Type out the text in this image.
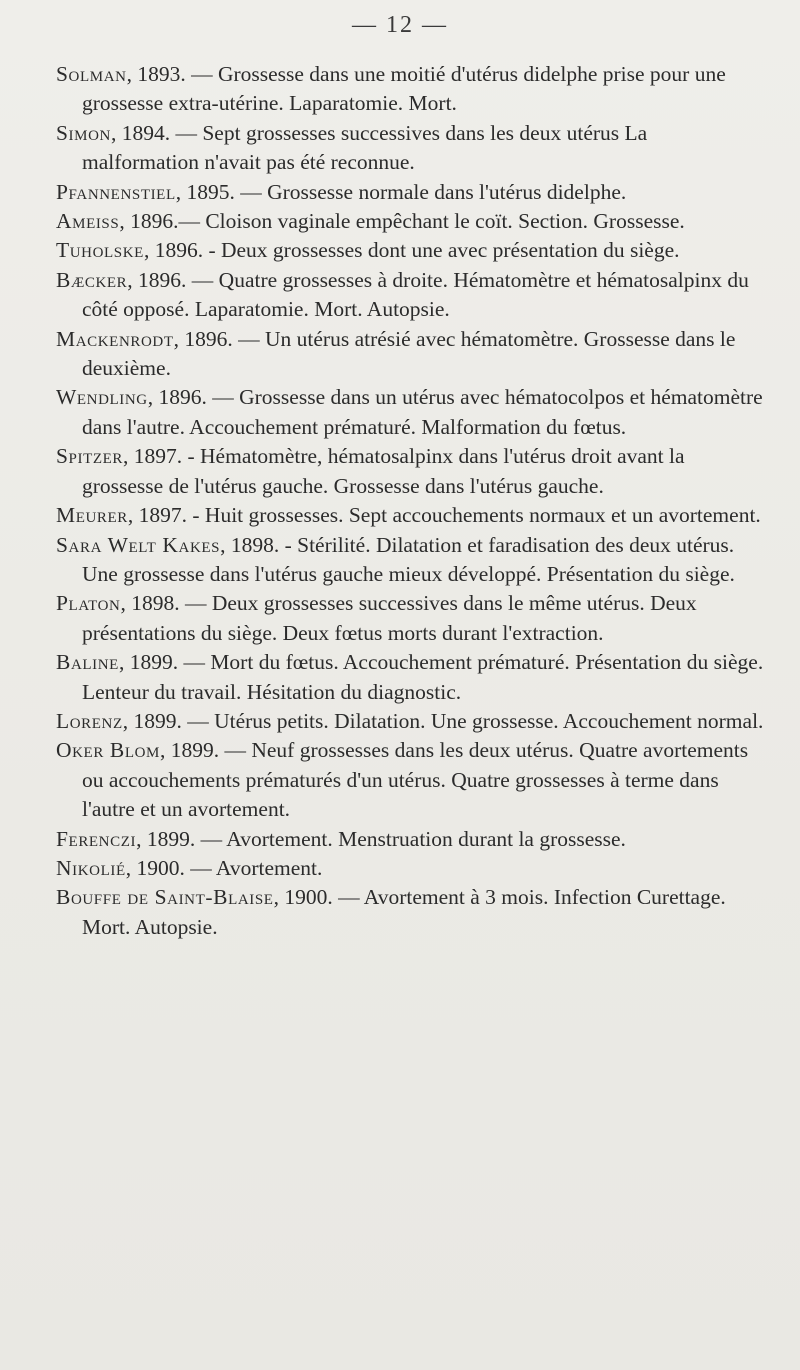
— 12 —

Solman, 1893. — Grossesse dans une moitié d'utérus didelphe prise pour une grossesse extra-utérine. Laparatomie. Mort.

Simon, 1894. — Sept grossesses successives dans les deux utérus La malformation n'avait pas été reconnue.

Pfannenstiel, 1895. — Grossesse normale dans l'utérus didelphe.

Ameiss, 1896.— Cloison vaginale empêchant le coït. Section. Grossesse.

Tuholske, 1896. - Deux grossesses dont une avec présentation du siège.

Bæcker, 1896. — Quatre grossesses à droite. Hématomètre et hématosalpinx du côté opposé. Laparatomie. Mort. Autopsie.

Mackenrodt, 1896. — Un utérus atrésié avec hématomètre. Grossesse dans le deuxième.

Wendling, 1896. — Grossesse dans un utérus avec hématocolpos et hématomètre dans l'autre. Accouchement prématuré. Malformation du fœtus.

Spitzer, 1897. - Hématomètre, hématosalpinx dans l'utérus droit avant la grossesse de l'utérus gauche. Grossesse dans l'utérus gauche.

Meurer, 1897. - Huit grossesses. Sept accouchements normaux et un avortement.

Sara Welt Kakes, 1898. - Stérilité. Dilatation et faradisation des deux utérus. Une grossesse dans l'utérus gauche mieux développé. Présentation du siège.

Platon, 1898. — Deux grossesses successives dans le même utérus. Deux présentations du siège. Deux fœtus morts durant l'extraction.

Baline, 1899. — Mort du fœtus. Accouchement prématuré. Présentation du siège. Lenteur du travail. Hésitation du diagnostic.

Lorenz, 1899. — Utérus petits. Dilatation. Une grossesse. Accouchement normal.

Oker Blom, 1899. — Neuf grossesses dans les deux utérus. Quatre avortements ou accouchements prématurés d'un utérus. Quatre grossesses à terme dans l'autre et un avortement.

Ferenczi, 1899. — Avortement. Menstruation durant la grossesse.

Nikolié, 1900. — Avortement.

Bouffe de Saint-Blaise, 1900. — Avortement à 3 mois. Infection Curettage. Mort. Autopsie.
